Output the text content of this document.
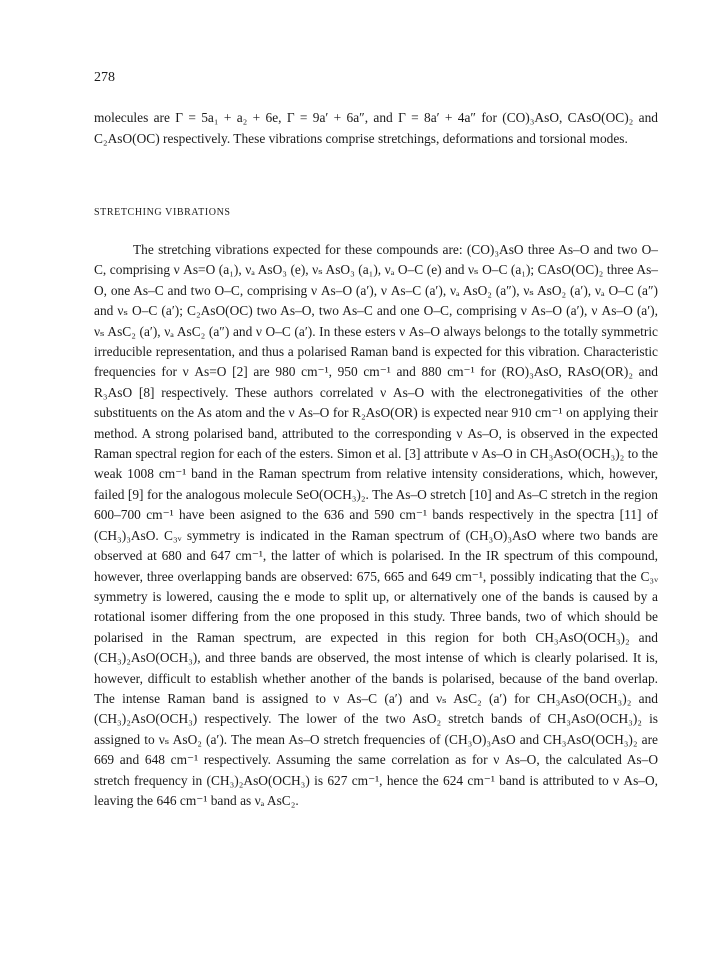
278

molecules are Γ = 5a₁ + a₂ + 6e, Γ = 9a′ + 6a″, and Γ = 8a′ + 4a″ for (CO)₃AsO, CAsO(OC)₂ and C₂AsO(OC) respectively. These vibrations comprise stretchings, deformations and torsional modes.

STRETCHING VIBRATIONS

The stretching vibrations expected for these compounds are: (CO)₃AsO three As–O and two O–C, comprising ν As=O (a₁), νₐ AsO₃ (e), νₛ AsO₃ (a₁), νₐ O–C (e) and νₛ O–C (a₁); CAsO(OC)₂ three As–O, one As–C and two O–C, comprising ν As–O (a′), ν As–C (a′), νₐ AsO₂ (a″), νₛ AsO₂ (a′), νₐ O–C (a″) and νₛ O–C (a′); C₂AsO(OC) two As–O, two As–C and one O–C, comprising ν As–O (a′), ν As–O (a′), νₛ AsC₂ (a′), νₐ AsC₂ (a″) and ν O–C (a′). In these esters ν As–O always belongs to the totally symmetric irreducible representation, and thus a polarised Raman band is expected for this vibration. Characteristic frequencies for ν As=O [2] are 980 cm⁻¹, 950 cm⁻¹ and 880 cm⁻¹ for (RO)₃AsO, RAsO(OR)₂ and R₃AsO [8] respectively. These authors correlated ν As–O with the electronegativities of the other substituents on the As atom and the ν As–O for R₂AsO(OR) is expected near 910 cm⁻¹ on applying their method. A strong polarised band, attributed to the corresponding ν As–O, is observed in the expected Raman spectral region for each of the esters. Simon et al. [3] attribute ν As–O in CH₃AsO(OCH₃)₂ to the weak 1008 cm⁻¹ band in the Raman spectrum from relative intensity considerations, which, however, failed [9] for the analogous molecule SeO(OCH₃)₂. The As–O stretch [10] and As–C stretch in the region 600–700 cm⁻¹ have been asigned to the 636 and 590 cm⁻¹ bands respectively in the spectra [11] of (CH₃)₃AsO. C₃ᵥ symmetry is indicated in the Raman spectrum of (CH₃O)₃AsO where two bands are observed at 680 and 647 cm⁻¹, the latter of which is polarised. In the IR spectrum of this compound, however, three overlapping bands are observed: 675, 665 and 649 cm⁻¹, possibly indicating that the C₃ᵥ symmetry is lowered, causing the e mode to split up, or alternatively one of the bands is caused by a rotational isomer differing from the one proposed in this study. Three bands, two of which should be polarised in the Raman spectrum, are expected in this region for both CH₃AsO(OCH₃)₂ and (CH₃)₂AsO(OCH₃), and three bands are observed, the most intense of which is clearly polarised. It is, however, difficult to establish whether another of the bands is polarised, because of the band overlap. The intense Raman band is assigned to ν As–C (a′) and νₛ AsC₂ (a′) for CH₃AsO(OCH₃)₂ and (CH₃)₂AsO(OCH₃) respectively. The lower of the two AsO₂ stretch bands of CH₃AsO(OCH₃)₂ is assigned to νₛ AsO₂ (a′). The mean As–O stretch frequencies of (CH₃O)₃AsO and CH₃AsO(OCH₃)₂ are 669 and 648 cm⁻¹ respectively. Assuming the same correlation as for ν As–O, the calculated As–O stretch frequency in (CH₃)₂AsO(OCH₃) is 627 cm⁻¹, hence the 624 cm⁻¹ band is attributed to ν As–O, leaving the 646 cm⁻¹ band as νₐ AsC₂.
